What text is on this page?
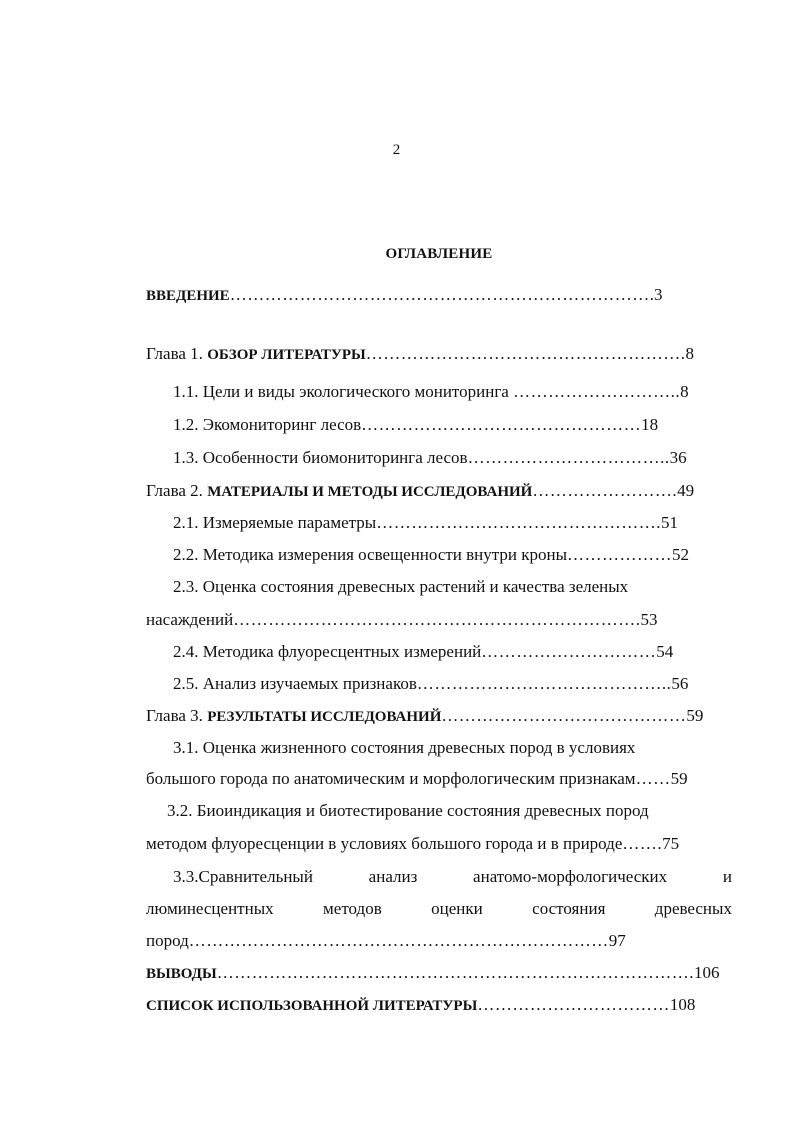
2
ОГЛАВЛЕНИЕ
ВВЕДЕНИЕ……………………………………………………………….3
Глава 1. ОБЗОР ЛИТЕРАТУРЫ……………………………………………….8
1.1. Цели и виды экологического мониторинга ………………………..8
1.2. Экомониторинг лесов…………………………………………18
1.3. Особенности биомониторинга лесов……………………………..36
Глава 2. МАТЕРИАЛЫ И МЕТОДЫ ИССЛЕДОВАНИЙ…………………….49
2.1. Измеряемые параметры………………………………………….51
2.2. Методика измерения освещенности внутри кроны………………52
2.3. Оценка состояния древесных растений и качества зеленых
насаждений…………………………………………………………….53
2.4. Методика флуоресцентных измерений…………………………54
2.5. Анализ изучаемых признаков……………………………………..56
Глава 3. РЕЗУЛЬТАТЫ ИССЛЕДОВАНИЙ……………………………………59
3.1. Оценка жизненного состояния древесных пород в условиях
большого города по анатомическим и морфологическим признакам……59
3.2. Биоиндикация и биотестирование состояния древесных пород
методом флуоресценции в условиях большого города и в природе…….75
3.3.Сравнительный	анализ	анатомо-морфологических	и
люминесцентных	методов	оценки	состояния	древесных
пород………………………………………………………………97
ВЫВОДЫ……………………………………………………………………….106
СПИСОК ИСПОЛЬЗОВАННОЙ ЛИТЕРАТУРЫ……………………………108
